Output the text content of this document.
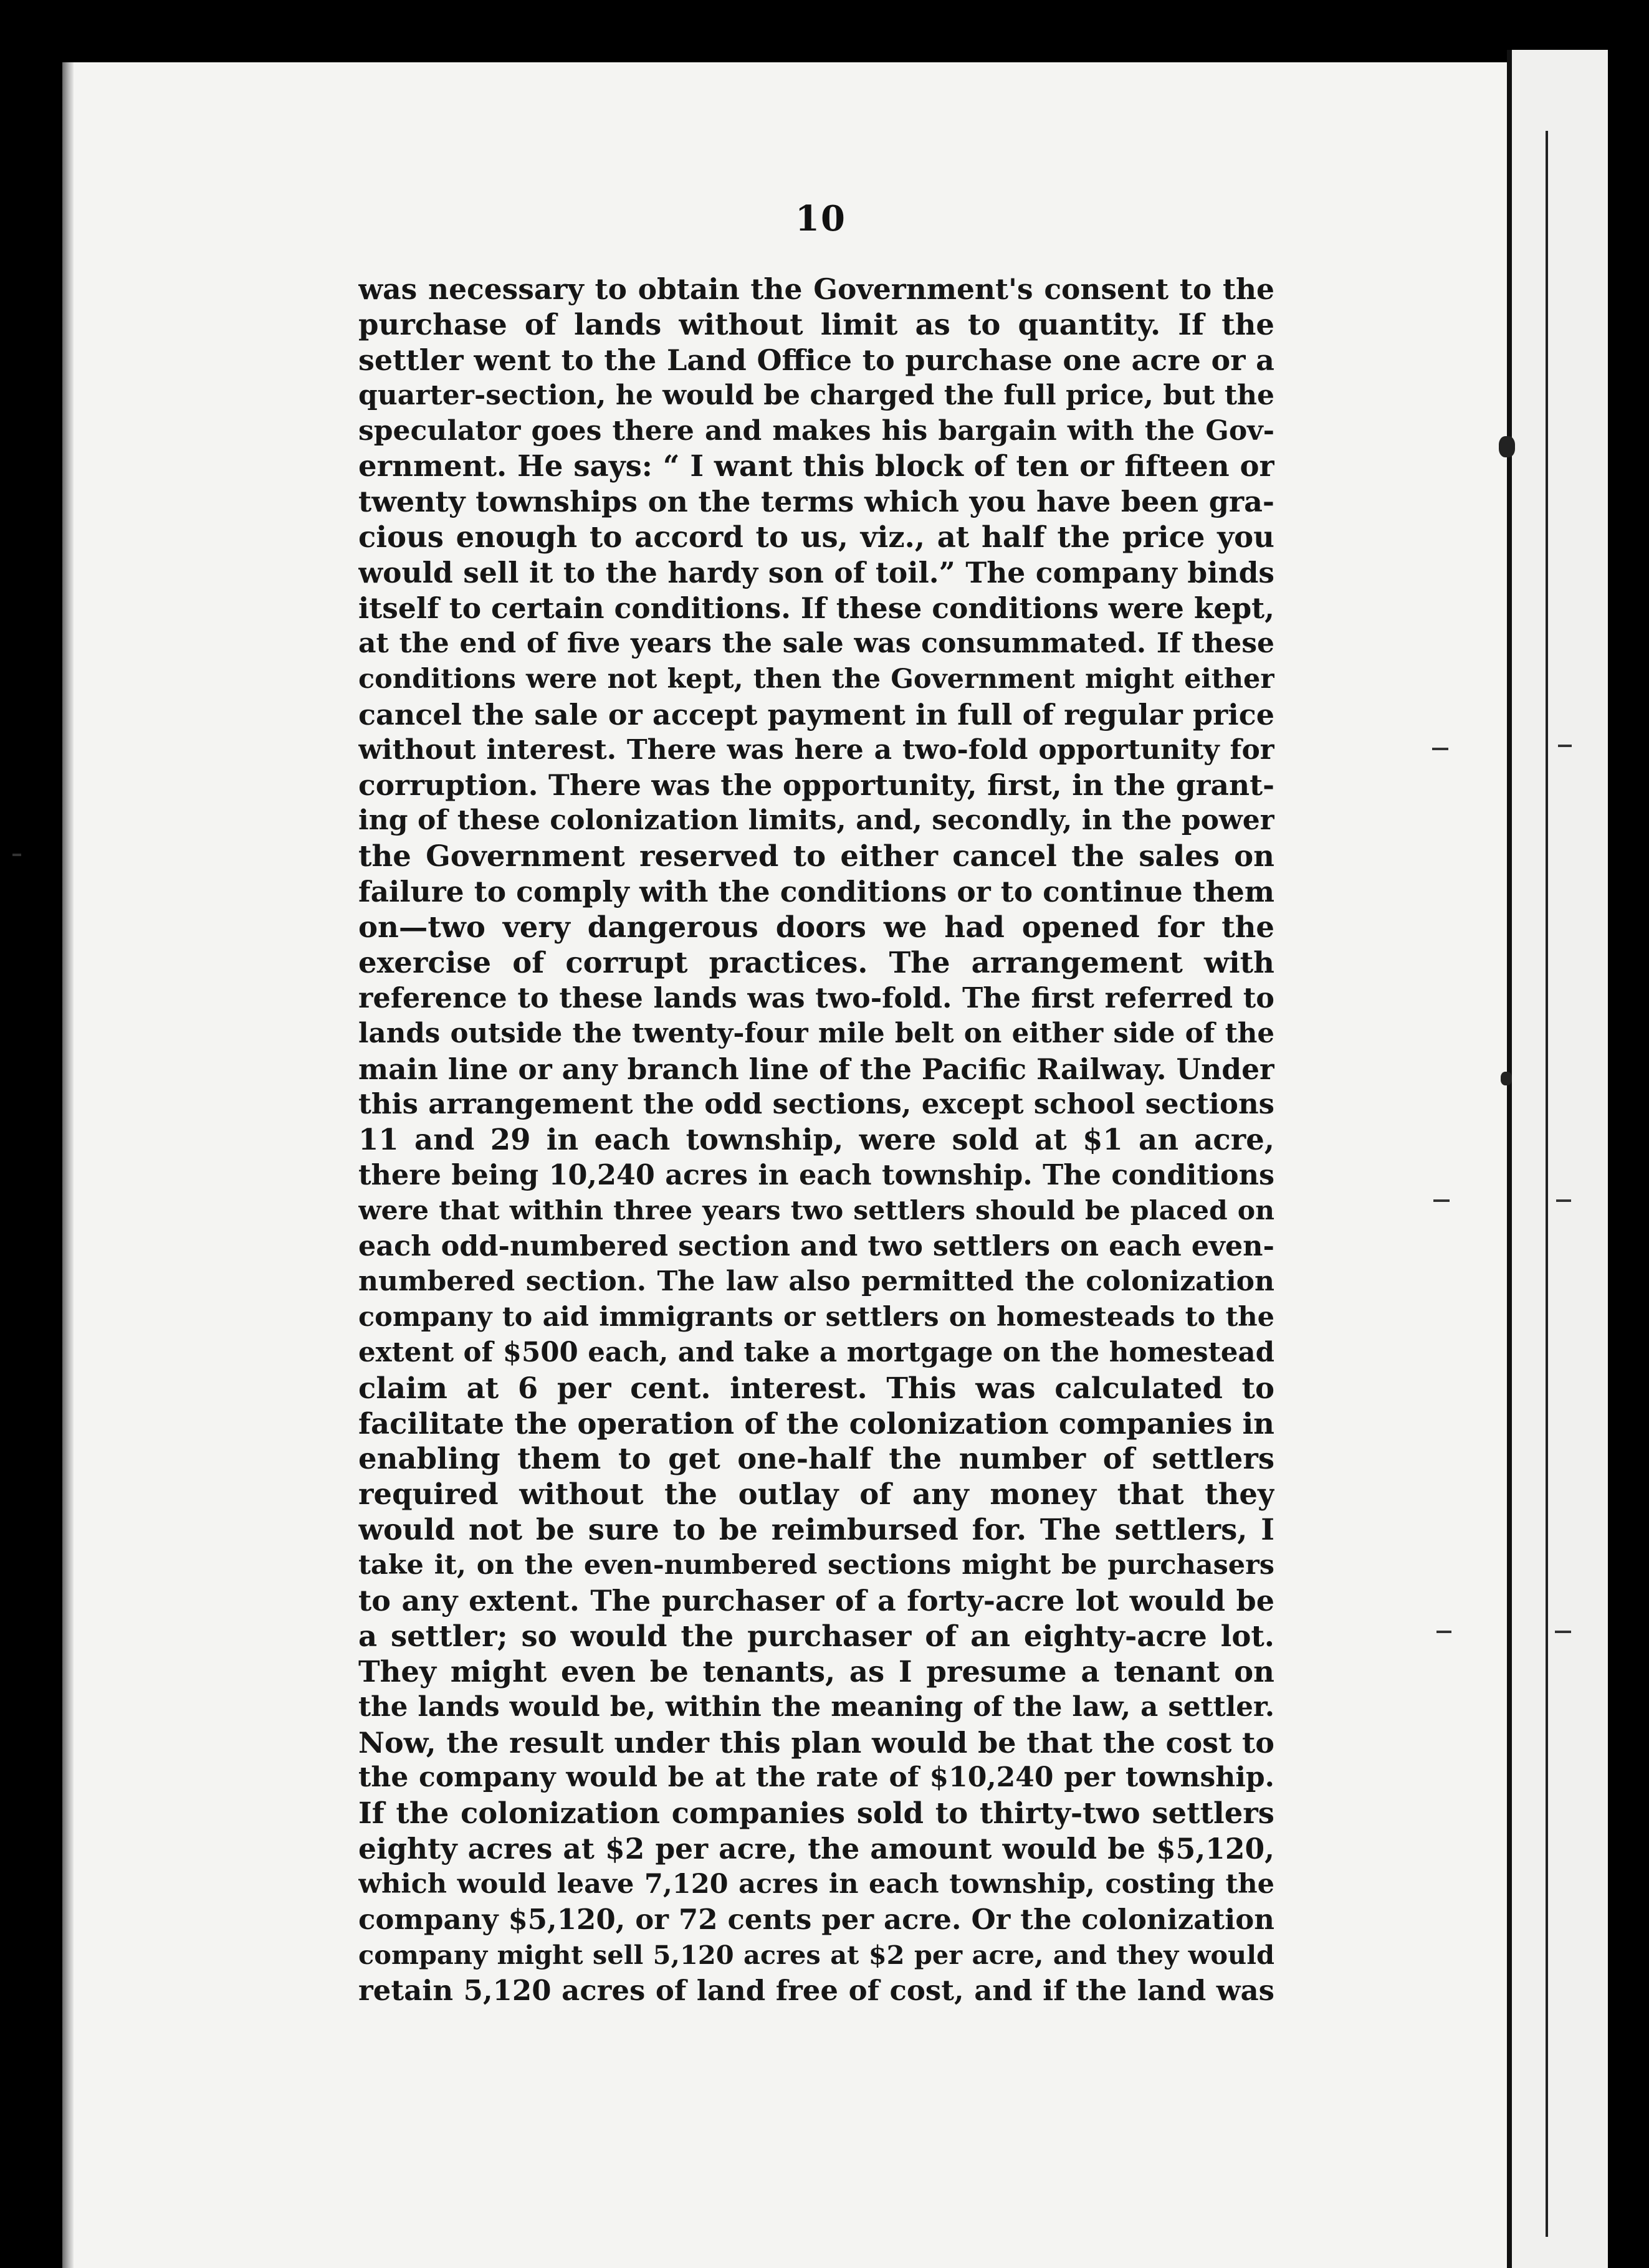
10
was necessary to obtain the Government's consent to the
purchase of lands without limit as to quantity. If the
settler went to the Land Office to purchase one acre or a
quarter-section, he would be charged the full price, but the
speculator goes there and makes his bargain with the Gov-
ernment. He says: “ I want this block of ten or fifteen or
twenty townships on the terms which you have been gra-
cious enough to accord to us, viz., at half the price you
would sell it to the hardy son of toil.” The company binds
itself to certain conditions. If these conditions were kept,
at the end of five years the sale was consummated. If these
conditions were not kept, then the Government might either
cancel the sale or accept payment in full of regular price
without interest. There was here a two-fold opportunity for
corruption. There was the opportunity, first, in the grant-
ing of these colonization limits, and, secondly, in the power
the Government reserved to either cancel the sales on
failure to comply with the conditions or to continue them
on—two very dangerous doors we had opened for the
exercise of corrupt practices. The arrangement with
reference to these lands was two-fold. The first referred to
lands outside the twenty-four mile belt on either side of the
main line or any branch line of the Pacific Railway. Under
this arrangement the odd sections, except school sections
11 and 29 in each township, were sold at $1 an acre,
there being 10,240 acres in each township. The conditions
were that within three years two settlers should be placed on
each odd-numbered section and two settlers on each even-
numbered section. The law also permitted the colonization
company to aid immigrants or settlers on homesteads to the
extent of $500 each, and take a mortgage on the homestead
claim at 6 per cent. interest. This was calculated to
facilitate the operation of the colonization companies in
enabling them to get one-half the number of settlers
required without the outlay of any money that they
would not be sure to be reimbursed for. The settlers, I
take it, on the even-numbered sections might be purchasers
to any extent. The purchaser of a forty-acre lot would be
a settler; so would the purchaser of an eighty-acre lot.
They might even be tenants, as I presume a tenant on
the lands would be, within the meaning of the law, a settler.
Now, the result under this plan would be that the cost to
the company would be at the rate of $10,240 per township.
If the colonization companies sold to thirty-two settlers
eighty acres at $2 per acre, the amount would be $5,120,
which would leave 7,120 acres in each township, costing the
company $5,120, or 72 cents per acre. Or the colonization
company might sell 5,120 acres at $2 per acre, and they would
retain 5,120 acres of land free of cost, and if the land was
